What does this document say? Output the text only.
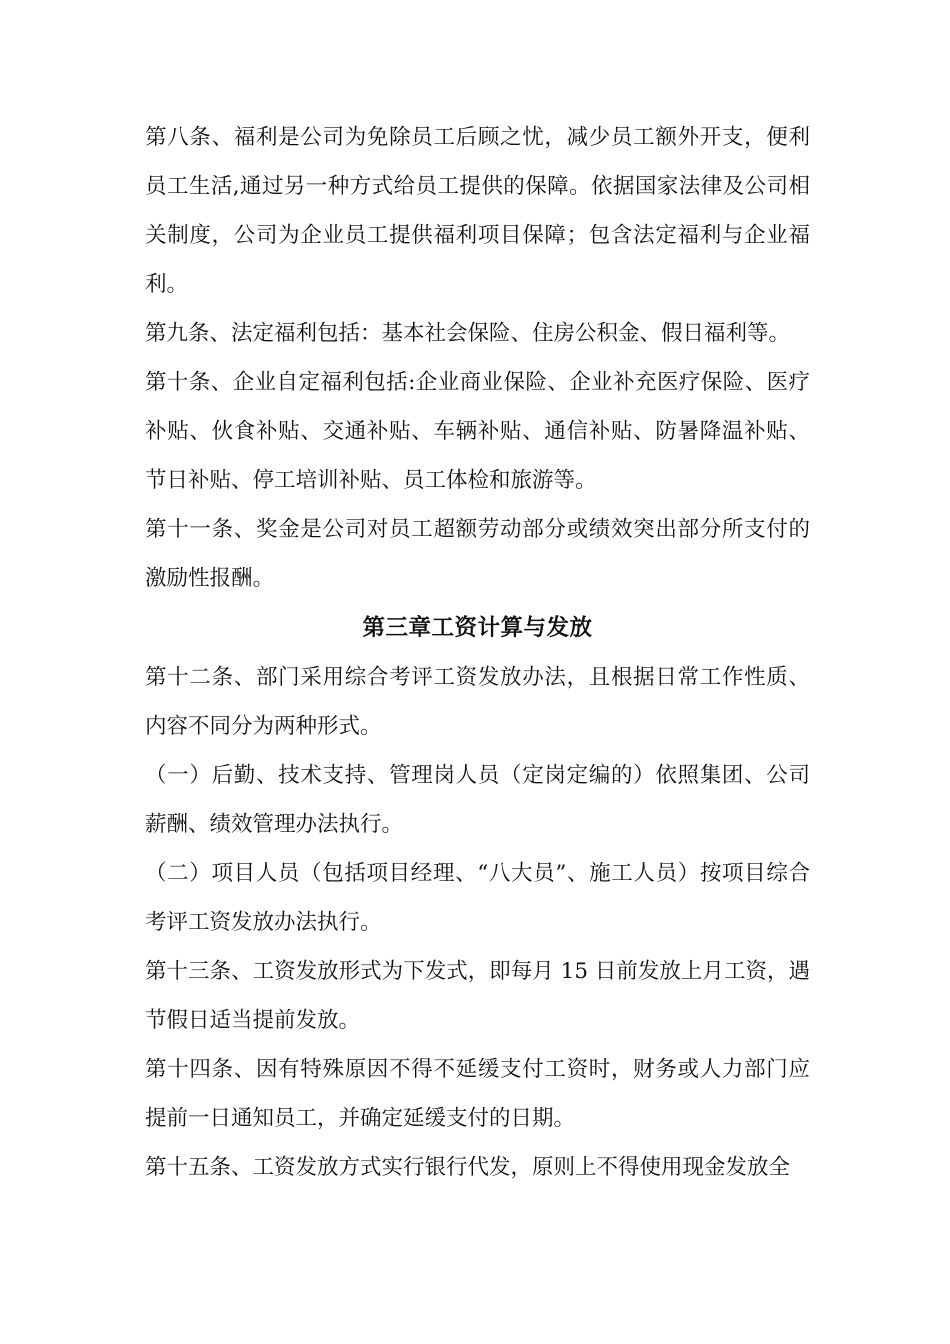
第八条、福利是公司为免除员工后顾之忧，减少员工额外开支，便利员工生活,通过另一种方式给员工提供的保障。依据国家法律及公司相关制度，公司为企业员工提供福利项目保障；包含法定福利与企业福利。

第九条、法定福利包括：基本社会保险、住房公积金、假日福利等。

第十条、企业自定福利包括:企业商业保险、企业补充医疗保险、医疗补贴、伙食补贴、交通补贴、车辆补贴、通信补贴、防暑降温补贴、节日补贴、停工培训补贴、员工体检和旅游等。

第十一条、奖金是公司对员工超额劳动部分或绩效突出部分所支付的激励性报酬。

第三章工资计算与发放

第十二条、部门采用综合考评工资发放办法，且根据日常工作性质、内容不同分为两种形式。

（一）后勤、技术支持、管理岗人员（定岗定编的）依照集团、公司薪酬、绩效管理办法执行。

（二）项目人员（包括项目经理、“八大员”、施工人员）按项目综合考评工资发放办法执行。

第十三条、工资发放形式为下发式，即每月 15 日前发放上月工资，遇节假日适当提前发放。

第十四条、因有特殊原因不得不延缓支付工资时，财务或人力部门应提前一日通知员工，并确定延缓支付的日期。

第十五条、工资发放方式实行银行代发，原则上不得使用现金发放全
